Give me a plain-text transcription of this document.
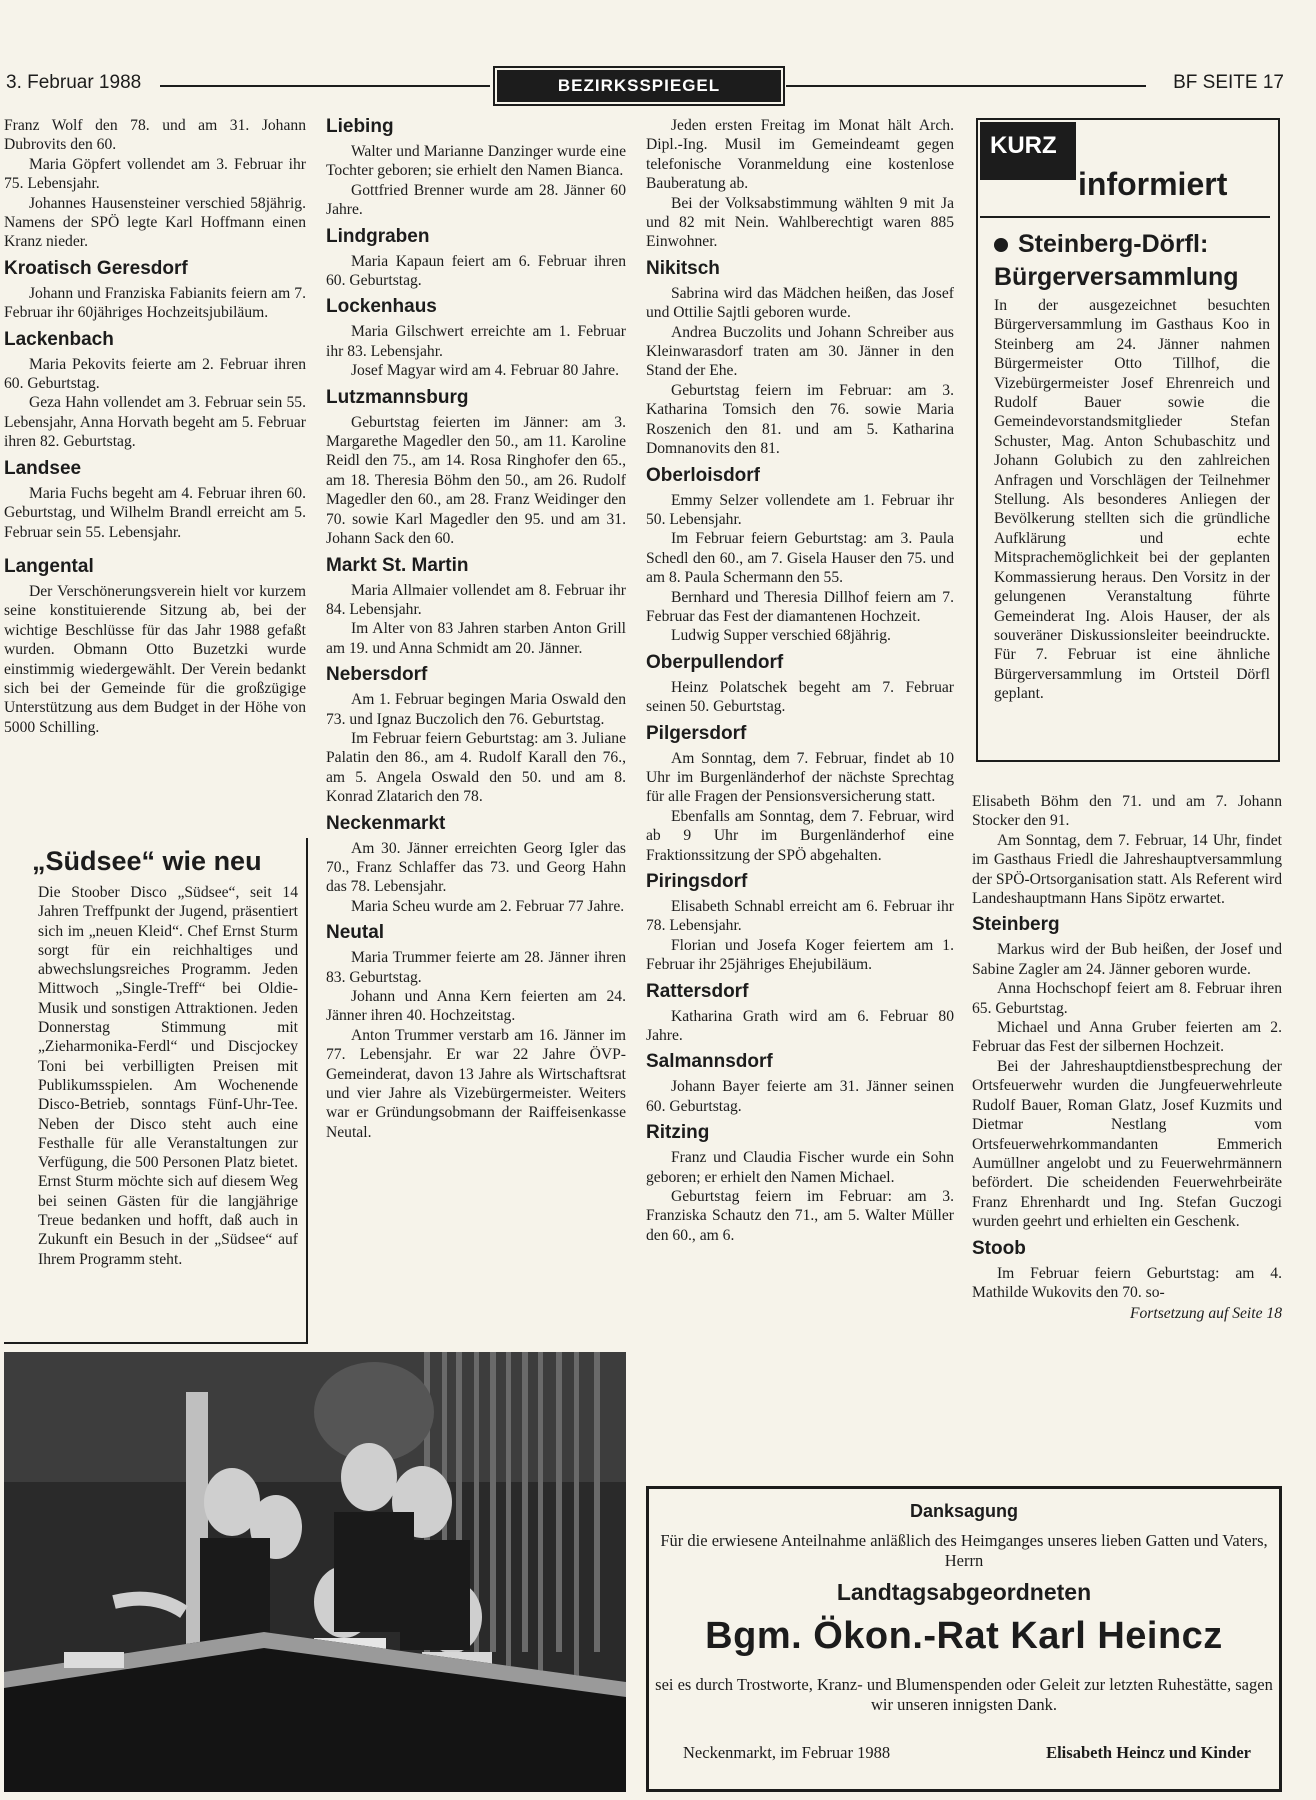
3. Februar 1988	BEZIRKSSPIEGEL	BF SEITE 17

Franz Wolf den 78. und am 31. Johann Dubrovits den 60.

Maria Göpfert vollendet am 3. Februar ihr 75. Lebensjahr.

Johannes Hausensteiner verschied 58jährig. Namens der SPÖ legte Karl Hoffmann einen Kranz nieder.

Kroatisch Geresdorf

Johann und Franziska Fabianits feiern am 7. Februar ihr 60jähriges Hochzeitsjubiläum.

Lackenbach

Maria Pekovits feierte am 2. Februar ihren 60. Geburtstag.

Geza Hahn vollendet am 3. Februar sein 55. Lebensjahr, Anna Horvath begeht am 5. Februar ihren 82. Geburtstag.

Landsee

Maria Fuchs begeht am 4. Februar ihren 60. Geburtstag, und Wilhelm Brandl erreicht am 5. Februar sein 55. Lebensjahr.

Langental

Der Verschönerungsverein hielt vor kurzem seine konstituierende Sitzung ab, bei der wichtige Beschlüsse für das Jahr 1988 gefaßt wurden. Obmann Otto Buzetzki wurde einstimmig wiedergewählt. Der Verein bedankt sich bei der Gemeinde für die großzügige Unterstützung aus dem Budget in der Höhe von 5000 Schilling.

„Südsee“ wie neu
Die Stoober Disco „Südsee“, seit 14 Jahren Treffpunkt der Jugend, präsentiert sich im „neuen Kleid“. Chef Ernst Sturm sorgt für ein reichhaltiges und abwechslungsreiches Programm. Jeden Mittwoch „Single-Treff“ bei Oldie-Musik und sonstigen Attraktionen. Jeden Donnerstag Stimmung mit „Zieharmonika-Ferdl“ und Discjockey Toni bei verbilligten Preisen mit Publikumsspielen. Am Wochenende Disco-Betrieb, sonntags Fünf-Uhr-Tee. Neben der Disco steht auch eine Festhalle für alle Veranstaltungen zur Verfügung, die 500 Personen Platz bietet. Ernst Sturm möchte sich auf diesem Weg bei seinen Gästen für die langjährige Treue bedanken und hofft, daß auch in Zukunft ein Besuch in der „Südsee“ auf Ihrem Programm steht.
Liebing

Walter und Marianne Danzinger wurde eine Tochter geboren; sie erhielt den Namen Bianca.

Gottfried Brenner wurde am 28. Jänner 60 Jahre.

Lindgraben

Maria Kapaun feiert am 6. Februar ihren 60. Geburtstag.

Lockenhaus

Maria Gilschwert erreichte am 1. Februar ihr 83. Lebensjahr.

Josef Magyar wird am 4. Februar 80 Jahre.

Lutzmannsburg

Geburtstag feierten im Jänner: am 3. Margarethe Magedler den 50., am 11. Karoline Reidl den 75., am 14. Rosa Ringhofer den 65., am 18. Theresia Böhm den 50., am 26. Rudolf Magedler den 60., am 28. Franz Weidinger den 70. sowie Karl Magedler den 95. und am 31. Johann Sack den 60.

Markt St. Martin

Maria Allmaier vollendet am 8. Februar ihr 84. Lebensjahr.

Im Alter von 83 Jahren starben Anton Grill am 19. und Anna Schmidt am 20. Jänner.

Nebersdorf

Am 1. Februar begingen Maria Oswald den 73. und Ignaz Buczolich den 76. Geburtstag.

Im Februar feiern Geburtstag: am 3. Juliane Palatin den 86., am 4. Rudolf Karall den 76., am 5. Angela Oswald den 50. und am 8. Konrad Zlatarich den 78.

Neckenmarkt

Am 30. Jänner erreichten Georg Igler das 70., Franz Schlaffer das 73. und Georg Hahn das 78. Lebensjahr.

Maria Scheu wurde am 2. Februar 77 Jahre.

Neutal

Maria Trummer feierte am 28. Jänner ihren 83. Geburtstag.

Johann und Anna Kern feierten am 24. Jänner ihren 40. Hochzeitstag.

Anton Trummer verstarb am 16. Jänner im 77. Lebensjahr. Er war 22 Jahre ÖVP-Gemeinderat, davon 13 Jahre als Wirtschaftsrat und vier Jahre als Vizebürgermeister. Weiters war er Gründungsobmann der Raiffeisenkasse Neutal.

Jeden ersten Freitag im Monat hält Arch. Dipl.-Ing. Musil im Gemeindeamt gegen telefonische Voranmeldung eine kostenlose Bauberatung ab.

Bei der Volksabstimmung wählten 9 mit Ja und 82 mit Nein. Wahlberechtigt waren 885 Einwohner.

Nikitsch

Sabrina wird das Mädchen heißen, das Josef und Ottilie Sajtli geboren wurde.

Andrea Buczolits und Johann Schreiber aus Kleinwarasdorf traten am 30. Jänner in den Stand der Ehe.

Geburtstag feiern im Februar: am 3. Katharina Tomsich den 76. sowie Maria Roszenich den 81. und am 5. Katharina Domnanovits den 81.

Oberloisdorf

Emmy Selzer vollendete am 1. Februar ihr 50. Lebensjahr.

Im Februar feiern Geburtstag: am 3. Paula Schedl den 60., am 7. Gisela Hauser den 75. und am 8. Paula Schermann den 55.

Bernhard und Theresia Dillhof feiern am 7. Februar das Fest der diamantenen Hochzeit.

Ludwig Supper verschied 68jährig.

Oberpullendorf

Heinz Polatschek begeht am 7. Februar seinen 50. Geburtstag.

Pilgersdorf

Am Sonntag, dem 7. Februar, findet ab 10 Uhr im Burgenländerhof der nächste Sprechtag für alle Fragen der Pensionsversicherung statt.

Ebenfalls am Sonntag, dem 7. Februar, wird ab 9 Uhr im Burgenländerhof eine Fraktionssitzung der SPÖ abgehalten.

Piringsdorf

Elisabeth Schnabl erreicht am 6. Februar ihr 78. Lebensjahr.

Florian und Josefa Koger feiertem am 1. Februar ihr 25jähriges Ehejubiläum.

Rattersdorf

Katharina Grath wird am 6. Februar 80 Jahre.

Salmannsdorf

Johann Bayer feierte am 31. Jänner seinen 60. Geburtstag.

Ritzing

Franz und Claudia Fischer wurde ein Sohn geboren; er erhielt den Namen Michael.

Geburtstag feiern im Februar: am 3. Franziska Schautz den 71., am 5. Walter Müller den 60., am 6.

KURZ
informiert
Steinberg-Dörfl: Bürgerversammlung
In der ausgezeichnet besuchten Bürgerversammlung im Gasthaus Koo in Steinberg am 24. Jänner nahmen Bürgermeister Otto Tillhof, die Vizebürgermeister Josef Ehrenreich und Rudolf Bauer sowie die Gemeindevorstandsmitglieder Stefan Schuster, Mag. Anton Schubaschitz und Johann Golubich zu den zahlreichen Anfragen und Vorschlägen der Teilnehmer Stellung. Als besonderes Anliegen der Bevölkerung stellten sich die gründliche Aufklärung und echte Mitsprachemöglichkeit bei der geplanten Kommassierung heraus. Den Vorsitz in der gelungenen Veranstaltung führte Gemeinderat Ing. Alois Hauser, der als souveräner Diskussionsleiter beeindruckte. Für 7. Februar ist eine ähnliche Bürgerversammlung im Ortsteil Dörfl geplant.

Elisabeth Böhm den 71. und am 7. Johann Stocker den 91.

Am Sonntag, dem 7. Februar, 14 Uhr, findet im Gasthaus Friedl die Jahreshauptversammlung der SPÖ-Ortsorganisation statt. Als Referent wird Landeshauptmann Hans Sipötz erwartet.

Steinberg

Markus wird der Bub heißen, der Josef und Sabine Zagler am 24. Jänner geboren wurde.

Anna Hochschopf feiert am 8. Februar ihren 65. Geburtstag.

Michael und Anna Gruber feierten am 2. Februar das Fest der silbernen Hochzeit.

Bei der Jahreshauptdienstbesprechung der Ortsfeuerwehr wurden die Jungfeuerwehrleute Rudolf Bauer, Roman Glatz, Josef Kuzmits und Dietmar Nestlang vom Ortsfeuerwehrkommandanten Emmerich Aumüllner angelobt und zu Feuerwehrmännern befördert. Die scheidenden Feuerwehrbeiräte Franz Ehrenhardt und Ing. Stefan Guczogi wurden geehrt und erhielten ein Geschenk.

Stoob

Im Februar feiern Geburtstag: am 4. Mathilde Wukovits den 70. so-

Fortsetzung auf Seite 18
Danksagung
Für die erwiesene Anteilnahme anläßlich des Heimganges unseres lieben Gatten und Vaters, Herrn
Landtagsabgeordneten
Bgm. Ökon.-Rat Karl Heincz
sei es durch Trostworte, Kranz- und Blumenspenden oder Geleit zur letzten Ruhestätte, sagen wir unseren innigsten Dank.
Neckenmarkt, im Februar 1988	Elisabeth Heincz und Kinder
